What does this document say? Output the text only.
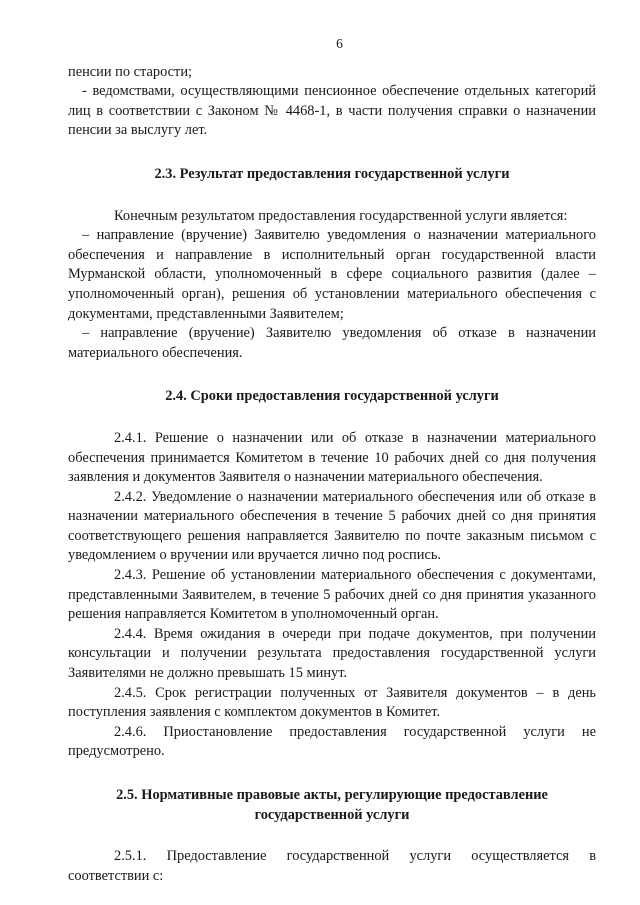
6

пенсии по старости;

- ведомствами, осуществляющими пенсионное обеспечение отдельных категорий лиц в соответствии с Законом № 4468-1, в части получения справки о назначении пенсии за выслугу лет.

2.3. Результат предоставления государственной услуги

Конечным результатом предоставления государственной услуги является:

– направление (вручение) Заявителю уведомления о назначении материального обеспечения и направление в исполнительный орган государственной власти Мурманской области, уполномоченный в сфере социального развития (далее – уполномоченный орган), решения об установлении материального обеспечения с документами, представленными Заявителем;

– направление (вручение) Заявителю уведомления об отказе в назначении материального обеспечения.

2.4. Сроки предоставления государственной услуги

2.4.1. Решение о назначении или об отказе в назначении материального обеспечения принимается Комитетом в течение 10 рабочих дней со дня получения заявления и документов Заявителя о назначении материального обеспечения.

2.4.2. Уведомление о назначении материального обеспечения или об отказе в назначении материального обеспечения в течение 5 рабочих дней со дня принятия соответствующего решения направляется Заявителю по почте заказным письмом с уведомлением о вручении или вручается лично под роспись.

2.4.3. Решение об установлении материального обеспечения с документами, представленными Заявителем, в течение 5 рабочих дней со дня принятия указанного решения направляется Комитетом в уполномоченный орган.

2.4.4. Время ожидания в очереди при подаче документов, при получении консультации и получении результата предоставления государственной услуги Заявителями не должно превышать 15 минут.

2.4.5. Срок регистрации полученных от Заявителя документов – в день поступления заявления с комплектом документов в Комитет.

2.4.6. Приостановление предоставления государственной услуги не предусмотрено.

2.5. Нормативные правовые акты, регулирующие предоставление
государственной услуги

2.5.1. Предоставление государственной услуги осуществляется в соответствии с:
